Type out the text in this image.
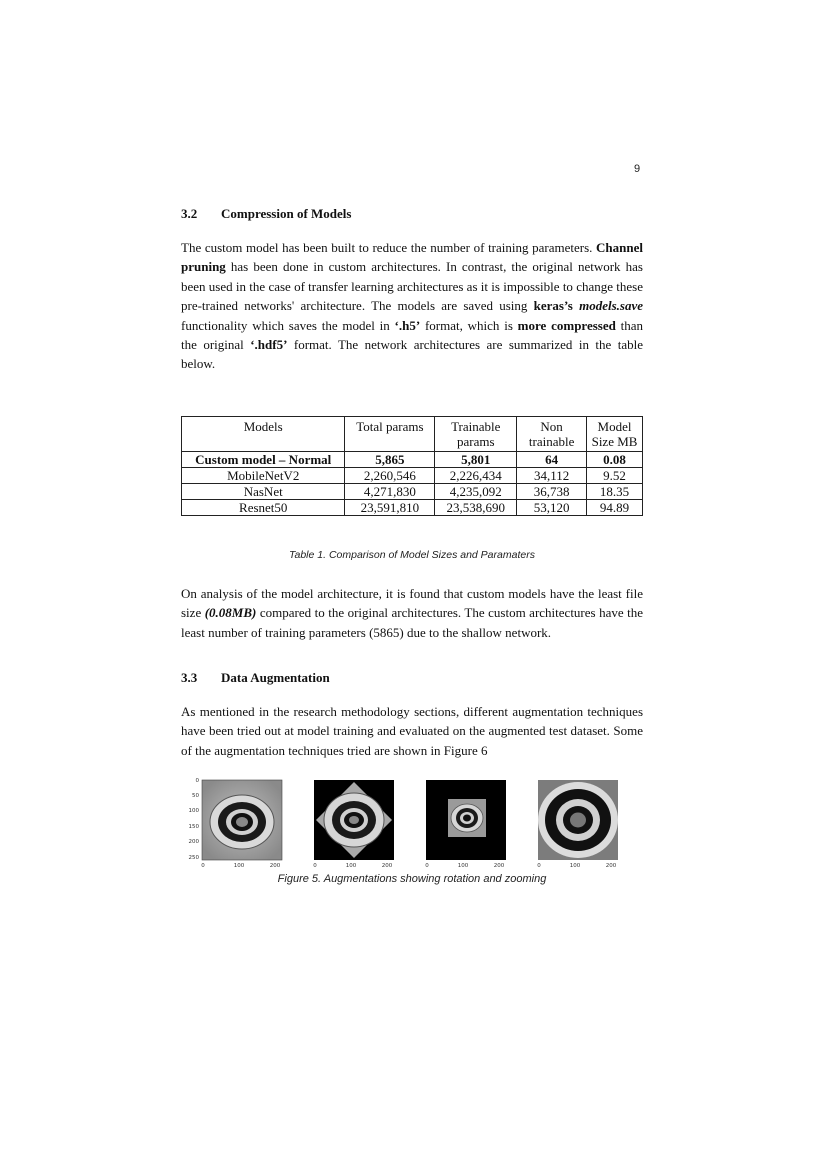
9
3.2 Compression of Models

The custom model has been built to reduce the number of training parameters. Channel pruning has been done in custom architectures. In contrast, the original network has been used in the case of transfer learning architectures as it is impossible to change these pre-trained networks' architecture. The models are saved using keras’s models.save functionality which saves the model in ‘.h5’ format, which is more compressed than the original ‘.hdf5’ format. The network architectures are summarized in the table below.

Models	Total params	Trainable params	Non trainable	Model Size MB
Custom model – Normal	5,865	5,801	64	0.08
MobileNetV2	2,260,546	2,226,434	34,112	9.52
NasNet	4,271,830	4,235,092	36,738	18.35
Resnet50	23,591,810	23,538,690	53,120	94.89
Table 1. Comparison of Model Sizes and Paramaters

On analysis of the model architecture, it is found that custom models have the least file size (0.08MB) compared to the original architectures. The custom architectures have the least number of training parameters (5865) due to the shallow network.

3.3 Data Augmentation

As mentioned in the research methodology sections, different augmentation techniques have been tried out at model training and evaluated on the augmented test dataset. Some of the augmentation techniques tried are shown in Figure 6

0
50
100
150
200
250
0	100	200	0	100	200	0	100	200	0	100	200
Figure 5. Augmentations showing rotation and zooming
